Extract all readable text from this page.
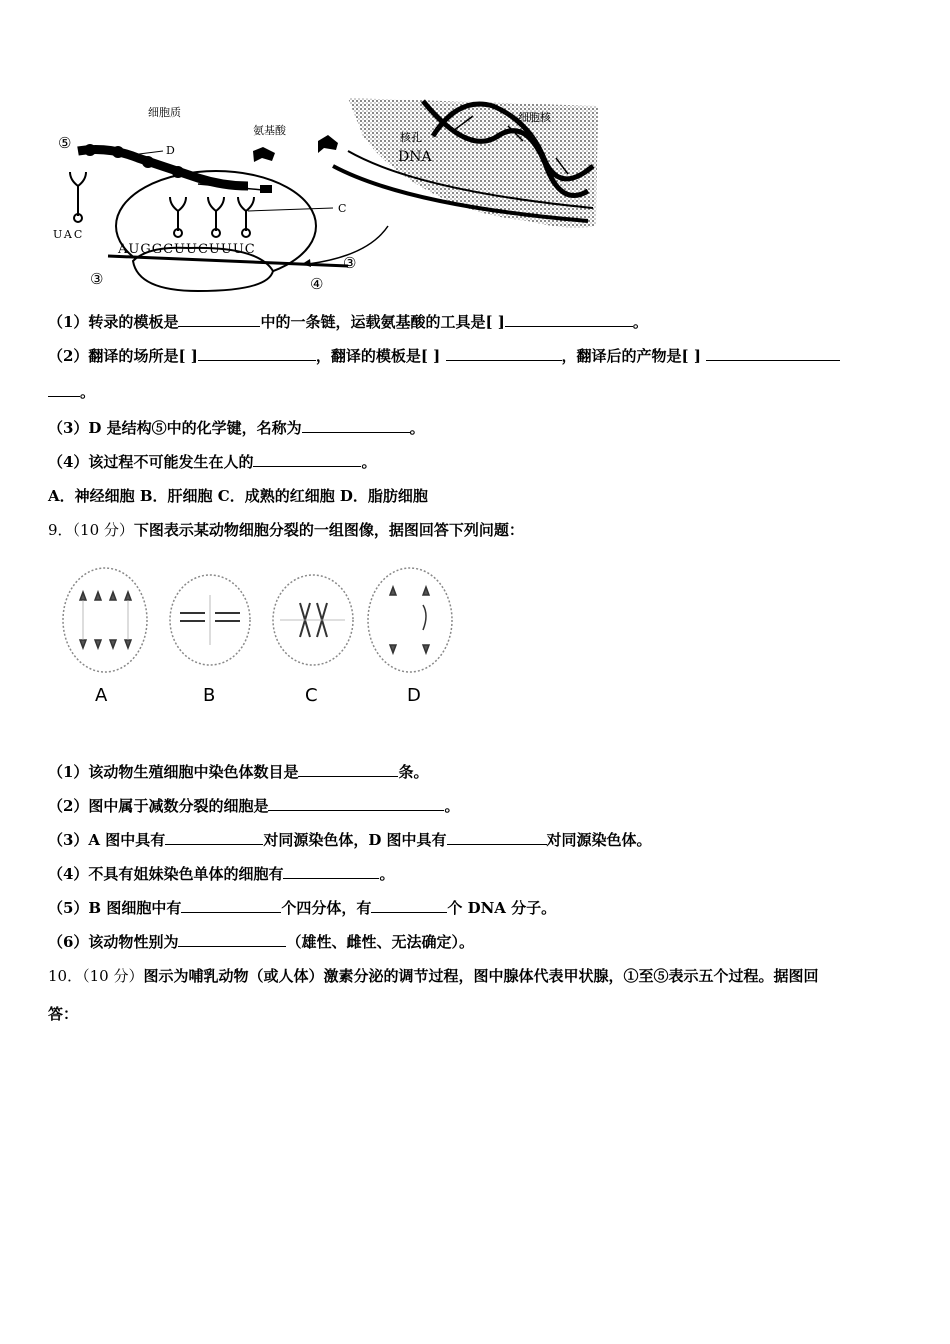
DNA
核孔
细胞核
细胞质
氨基酸
⑤	D
UAC
C
AUGGCUUCUUUC
③
③
④
（1）转录的模板是	中的一条链，运载氨基酸的工具是[ ]	。
（2）翻译的场所是[ ]	，翻译的模板是[ ]	，翻译后的产物是[ ]
。
（3）D 是结构⑤中的化学键，名称为	。
（4）该过程不可能发生在人的	。
A．神经细胞 B．肝细胞 C．成熟的红细胞 D．脂肪细胞
9．（10 分）下图表示某动物细胞分裂的一组图像，据图回答下列问题：
A	B	C	D
（1）该动物生殖细胞中染色体数目是	条。
（2）图中属于减数分裂的细胞是	。
（3）A 图中具有	对同源染色体，D 图中具有	对同源染色体。
（4）不具有姐妹染色单体的细胞有	。
（5）B 图细胞中有	个四分体，有	个 DNA 分子。
（6）该动物性别为	（雄性、雌性、无法确定）。
10．（10 分）图示为哺乳动物（或人体）激素分泌的调节过程，图中腺体代表甲状腺，①至⑤表示五个过程。据图回
答：
